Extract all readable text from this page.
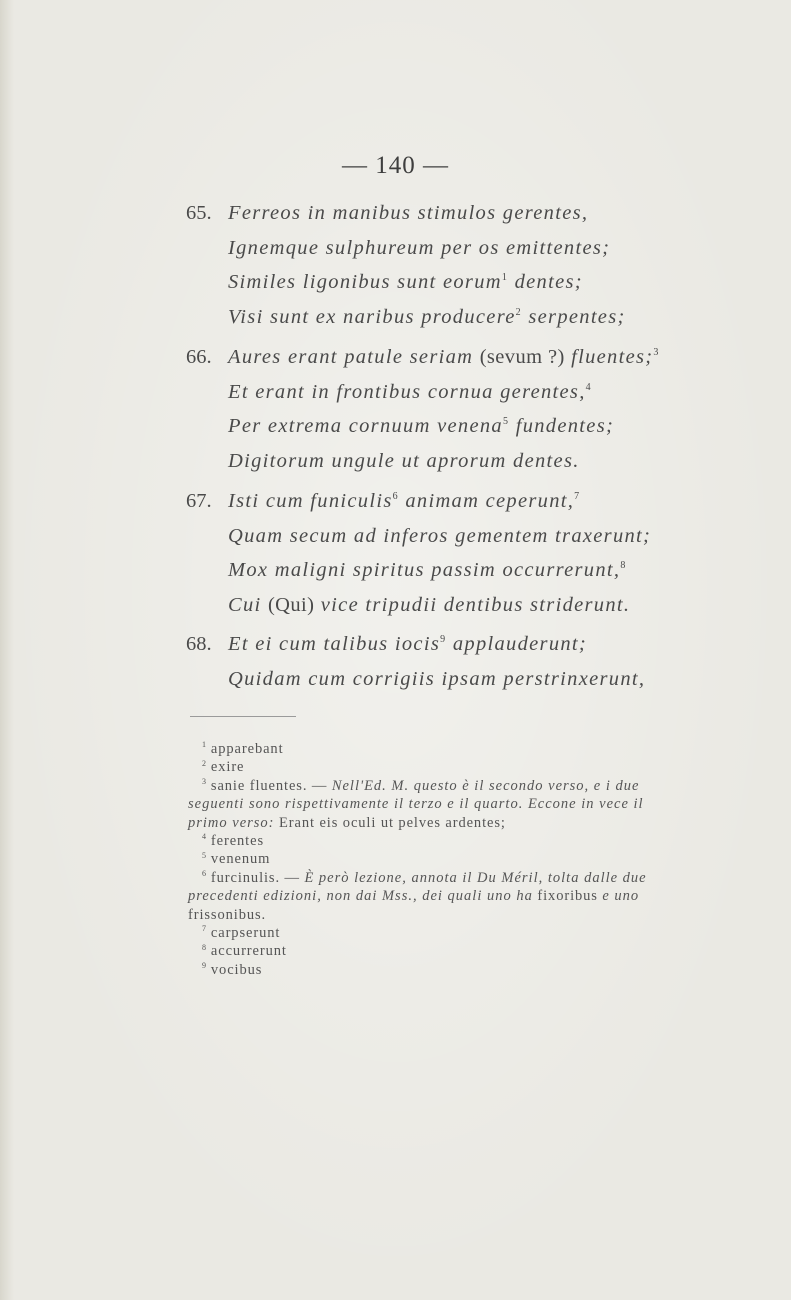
— 140 —
65. Ferreos in manibus stimulos gerentes,
Ignemque sulphureum per os emittentes;
Similes ligonibus sunt eorum$^1$ dentes;
Visi sunt ex naribus producere$^2$ serpentes;
66. Aures erant patule seriam (sevum ?) fluentes;$^3$
Et erant in frontibus cornua gerentes,$^4$
Per extrema cornuum venena$^5$ fundentes;
Digitorum ungule ut aprorum dentes.
67. Isti cum funiculis$^6$ animam ceperunt,$^7$
Quam secum ad inferos gementem traxerunt;
Mox maligni spiritus passim occurrerunt,$^8$
Cui (Qui) vice tripudii dentibus striderunt.
68. Et ei cum talibus iocis$^9$ applauderunt;
Quidam cum corrigiis ipsam perstrinxerunt,
$^1$ apparebant
$^2$ exire
$^3$ sanie fluentes. — Nell'Ed. M. questo è il secondo verso, e i due seguenti sono rispettivamente il terzo e il quarto. Eccone in vece il primo verso: Erant eis oculi ut pelves ardentes;
$^4$ ferentes
$^5$ venenum
$^6$ furcinulis. — È però lezione, annota il Du Méril, tolta dalle due precedenti edizioni, non dai Mss., dei quali uno ha fixoribus e uno frissonibus.
$^7$ carpserunt
$^8$ accurrerunt
$^9$ vocibus
